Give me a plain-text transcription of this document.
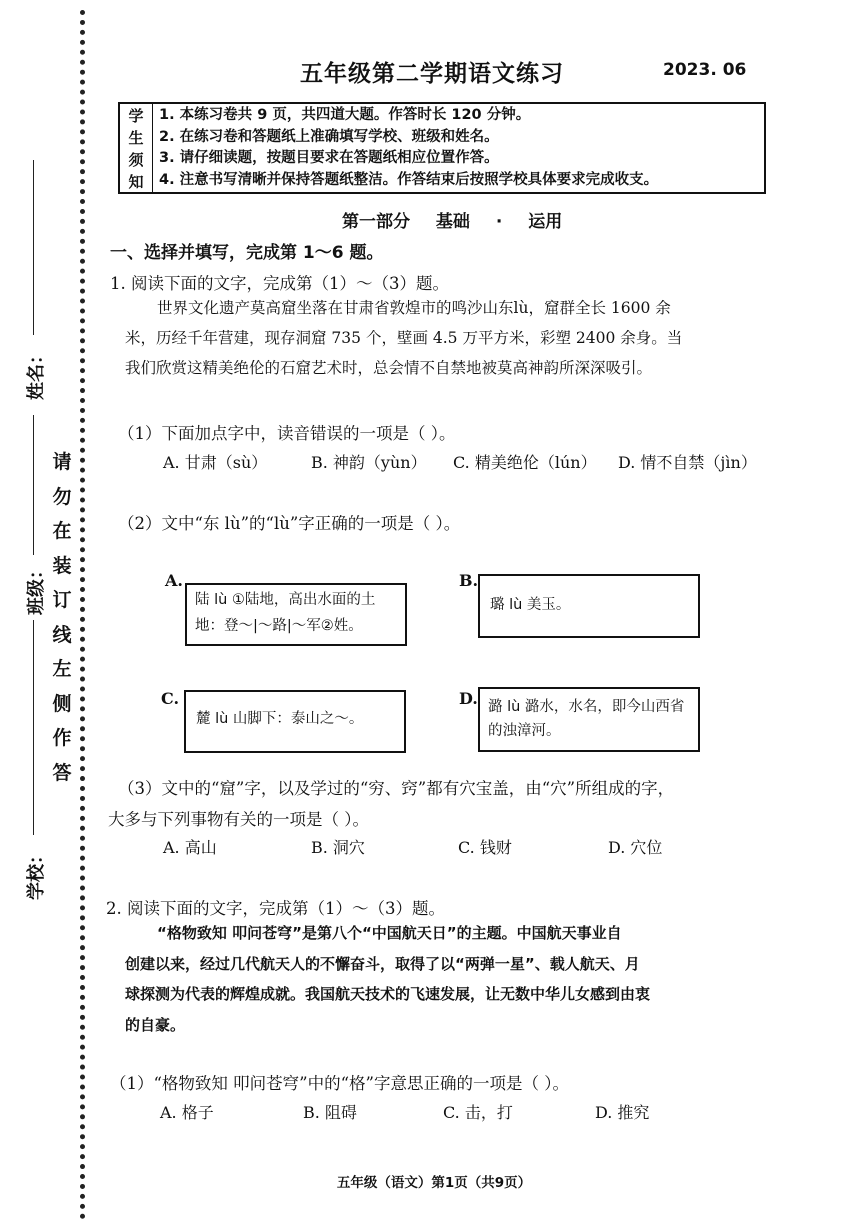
姓名：
班级：
学校：
请
勿
在
装
订
线
左
侧
作
答
五年级第二学期语文练习	2023. 06
学
生
须
知
1. 本练习卷共 9 页，共四道大题。作答时长 120 分钟。
2. 在练习卷和答题纸上准确填写学校、班级和姓名。
3. 请仔细读题，按题目要求在答题纸相应位置作答。
4. 注意书写清晰并保持答题纸整洁。作答结束后按照学校具体要求完成收支。
第一部分 基础 · 运用
一、选择并填写，完成第 1～6 题。
1. 阅读下面的文字，完成第（1）～（3）题。
世界文化遗产莫高窟坐落在甘肃省敦煌市的鸣沙山东lù，窟群全长 1600 余
米，历经千年营建，现存洞窟 735 个，壁画 4.5 万平方米，彩塑 2400 余身。当
我们欣赏这精美绝伦的石窟艺术时，总会情不自禁地被莫高神韵所深深吸引。
（1）下面加点字中，读音错误的一项是（ ）。
A. 甘肃（sù）	B. 神韵（yùn） C. 精美绝伦（lún） D. 情不自禁（jìn）
（2）文中“东 lù”的“lù”字正确的一项是（ ）。
A.
陆 lù ①陆地，高出水面的土地：登～|～路|～军②姓。
B.
璐 lù 美玉。
C.
麓 lù 山脚下：泰山之～。
D. 潞 lù 潞水，水名，即今山西省的浊漳河。
（3）文中的“窟”字，以及学过的“穷、窍”都有穴宝盖，由“穴”所组成的字，
大多与下列事物有关的一项是（ ）。
A. 高山	B. 洞穴	C. 钱财	D. 穴位
2. 阅读下面的文字，完成第（1）～（3）题。
“格物致知 叩问苍穹”是第八个“中国航天日”的主题。中国航天事业自
创建以来，经过几代航天人的不懈奋斗，取得了以“两弹一星”、载人航天、月
球探测为代表的辉煌成就。我国航天技术的飞速发展，让无数中华儿女感到由衷
的自豪。
（1）“格物致知 叩问苍穹”中的“格”字意思正确的一项是（ ）。
A. 格子	B. 阻碍	C. 击，打	D. 推究
五年级（语文）第1页（共9页）
